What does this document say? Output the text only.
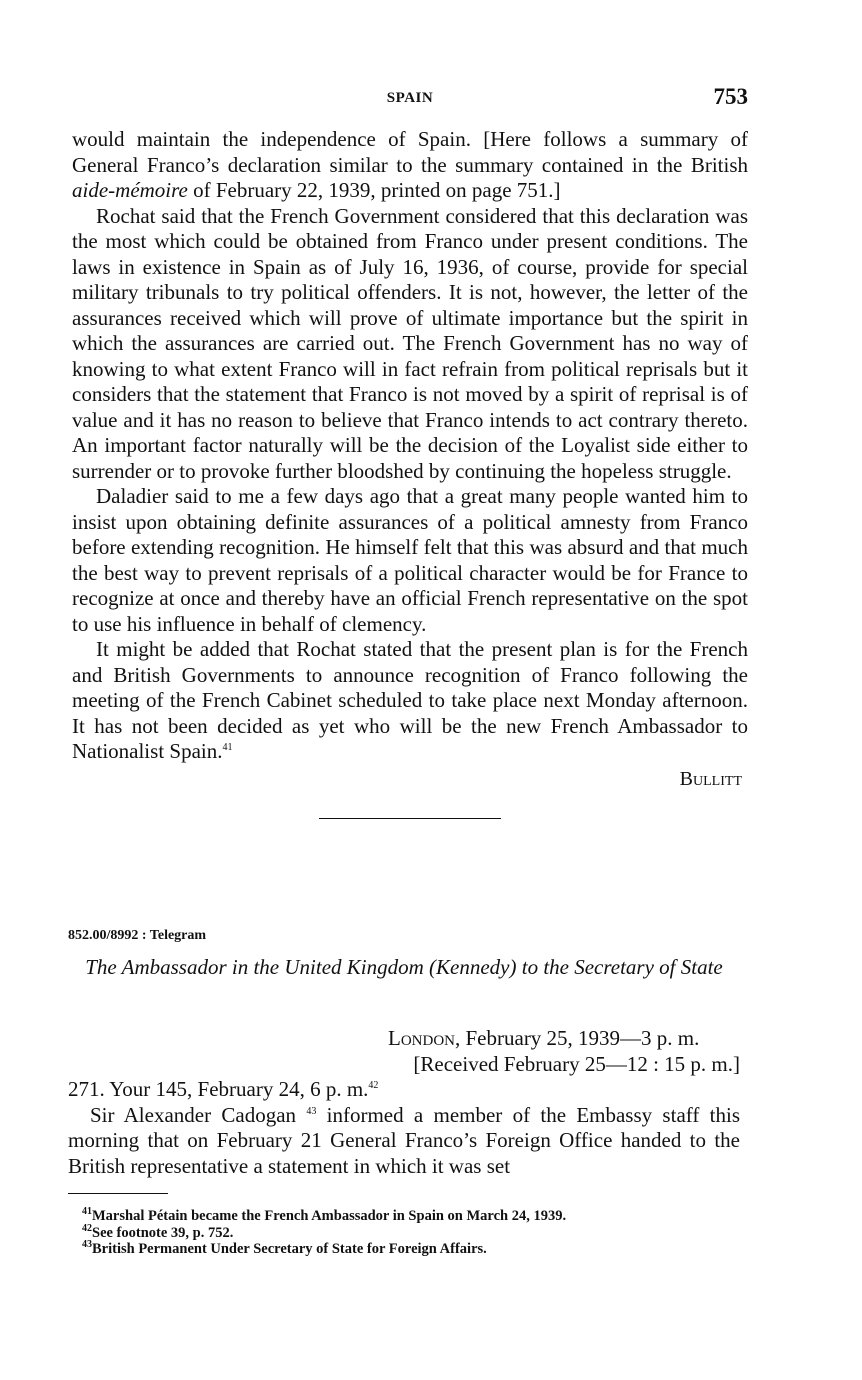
SPAIN	753

would maintain the independence of Spain. [Here follows a summary of General Franco’s declaration similar to the summary contained in the British aide-mémoire of February 22, 1939, printed on page 751.]

Rochat said that the French Government considered that this declaration was the most which could be obtained from Franco under present conditions. The laws in existence in Spain as of July 16, 1936, of course, provide for special military tribunals to try political offenders. It is not, however, the letter of the assurances received which will prove of ultimate importance but the spirit in which the assurances are carried out. The French Government has no way of knowing to what extent Franco will in fact refrain from political reprisals but it considers that the statement that Franco is not moved by a spirit of reprisal is of value and it has no reason to believe that Franco intends to act contrary thereto. An important factor naturally will be the decision of the Loyalist side either to surrender or to provoke further bloodshed by continuing the hopeless struggle.

Daladier said to me a few days ago that a great many people wanted him to insist upon obtaining definite assurances of a political amnesty from Franco before extending recognition. He himself felt that this was absurd and that much the best way to prevent reprisals of a political character would be for France to recognize at once and thereby have an official French representative on the spot to use his influence in behalf of clemency.

It might be added that Rochat stated that the present plan is for the French and British Governments to announce recognition of Franco following the meeting of the French Cabinet scheduled to take place next Monday afternoon. It has not been decided as yet who will be the new French Ambassador to Nationalist Spain.$^{41}$

Bullitt
852.00/8992 : Telegram
The Ambassador in the United Kingdom (Kennedy) to the Secretary of State
London, February 25, 1939—3 p. m.
[Received February 25—12 : 15 p. m.]

271. Your 145, February 24, 6 p. m.$^{42}$

Sir Alexander Cadogan $^{43}$ informed a member of the Embassy staff this morning that on February 21 General Franco’s Foreign Office handed to the British representative a statement in which it was set

$^{41}$Marshal Pétain became the French Ambassador in Spain on March 24, 1939.
$^{42}$See footnote 39, p. 752.
$^{43}$British Permanent Under Secretary of State for Foreign Affairs.
